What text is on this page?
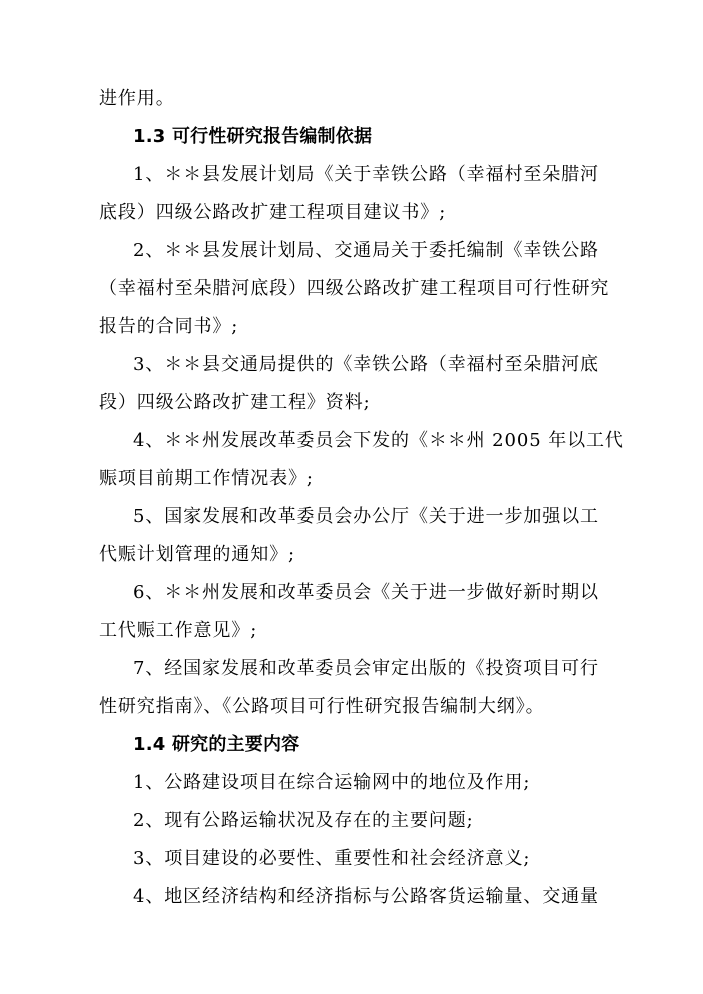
进作用。
1.3 可行性研究报告编制依据
1、＊＊县发展计划局《关于幸铁公路（幸福村至朵腊河
底段）四级公路改扩建工程项目建议书》;
2、＊＊县发展计划局、交通局关于委托编制《幸铁公路
（幸福村至朵腊河底段）四级公路改扩建工程项目可行性研究
报告的合同书》;
3、＊＊县交通局提供的《幸铁公路（幸福村至朵腊河底
段）四级公路改扩建工程》资料;
4、＊＊州发展改革委员会下发的《＊＊州 2005 年以工代
赈项目前期工作情况表》;
5、国家发展和改革委员会办公厅《关于进一步加强以工
代赈计划管理的通知》;
6、＊＊州发展和改革委员会《关于进一步做好新时期以
工代赈工作意见》;
7、经国家发展和改革委员会审定出版的《投资项目可行
性研究指南》、《公路项目可行性研究报告编制大纲》。
1.4 研究的主要内容
1、公路建设项目在综合运输网中的地位及作用;
2、现有公路运输状况及存在的主要问题;
3、项目建设的必要性、重要性和社会经济意义;
4、地区经济结构和经济指标与公路客货运输量、交通量
